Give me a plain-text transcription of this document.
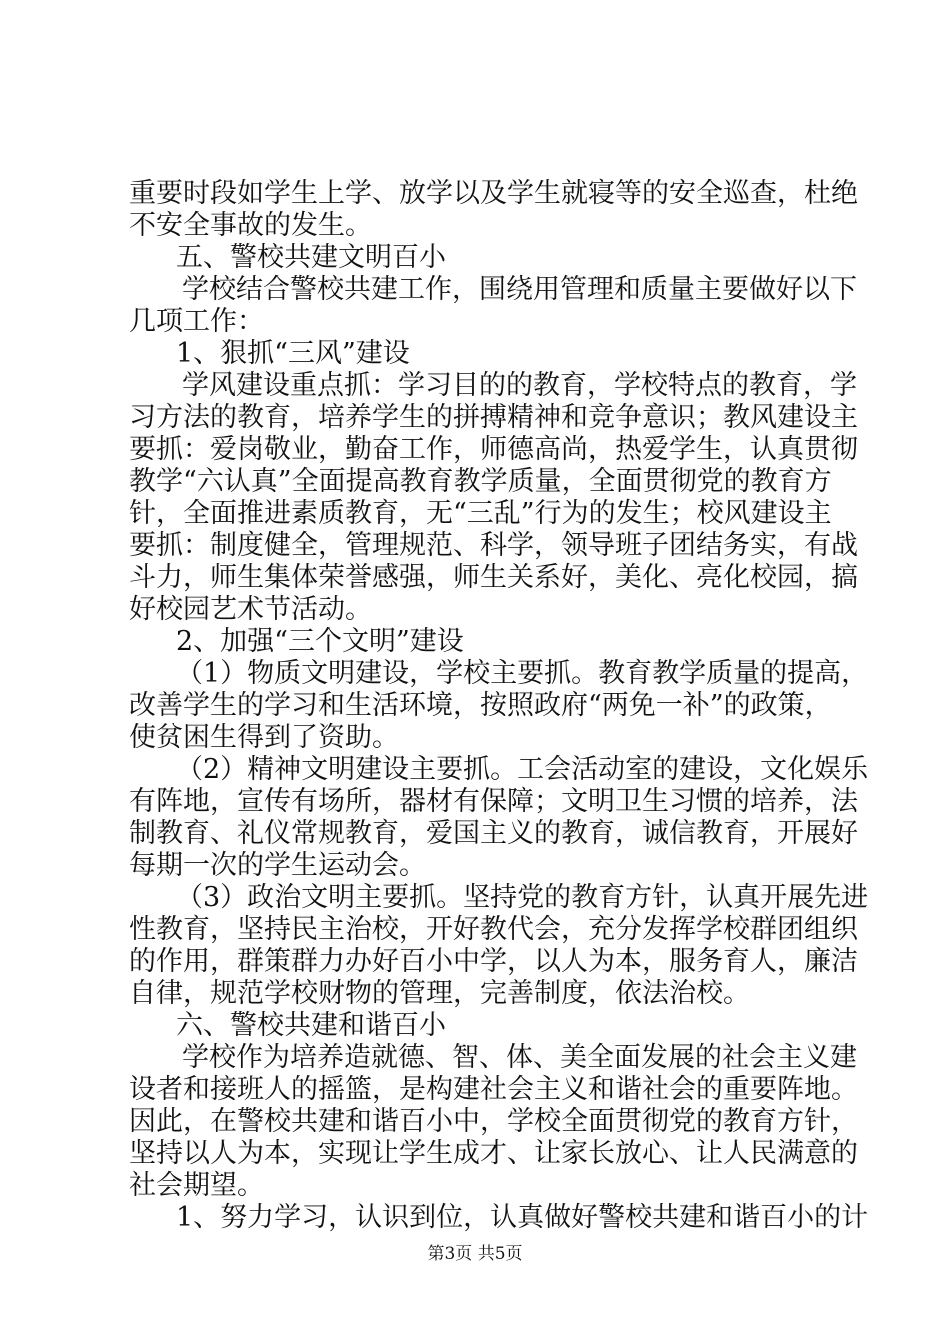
重要时段如学生上学、放学以及学生就寝等的安全巡查，杜绝
不安全事故的发生。
五、警校共建文明百小
学校结合警校共建工作，围绕用管理和质量主要做好以下
几项工作：
1、狠抓“三风”建设
学风建设重点抓：学习目的的教育，学校特点的教育，学
习方法的教育，培养学生的拼搏精神和竞争意识；教风建设主
要抓：爱岗敬业，勤奋工作，师德高尚，热爱学生，认真贯彻
教学“六认真”全面提高教育教学质量，全面贯彻党的教育方
针，全面推进素质教育，无“三乱”行为的发生；校风建设主
要抓：制度健全，管理规范、科学，领导班子团结务实，有战
斗力，师生集体荣誉感强，师生关系好，美化、亮化校园，搞
好校园艺术节活动。
2、加强“三个文明”建设
（1）物质文明建设，学校主要抓。教育教学质量的提高，
改善学生的学习和生活环境，按照政府“两免一补”的政策，
使贫困生得到了资助。
（2）精神文明建设主要抓。工会活动室的建设，文化娱乐
有阵地，宣传有场所，器材有保障；文明卫生习惯的培养，法
制教育、礼仪常规教育，爱国主义的教育，诚信教育，开展好
每期一次的学生运动会。
（3）政治文明主要抓。坚持党的教育方针，认真开展先进
性教育，坚持民主治校，开好教代会，充分发挥学校群团组织
的作用，群策群力办好百小中学，以人为本，服务育人，廉洁
自律，规范学校财物的管理，完善制度，依法治校。
六、警校共建和谐百小
学校作为培养造就德、智、体、美全面发展的社会主义建
设者和接班人的摇篮，是构建社会主义和谐社会的重要阵地。
因此，在警校共建和谐百小中，学校全面贯彻党的教育方针，
坚持以人为本，实现让学生成才、让家长放心、让人民满意的
社会期望。
1、努力学习，认识到位，认真做好警校共建和谐百小的计
第3页 共5页
